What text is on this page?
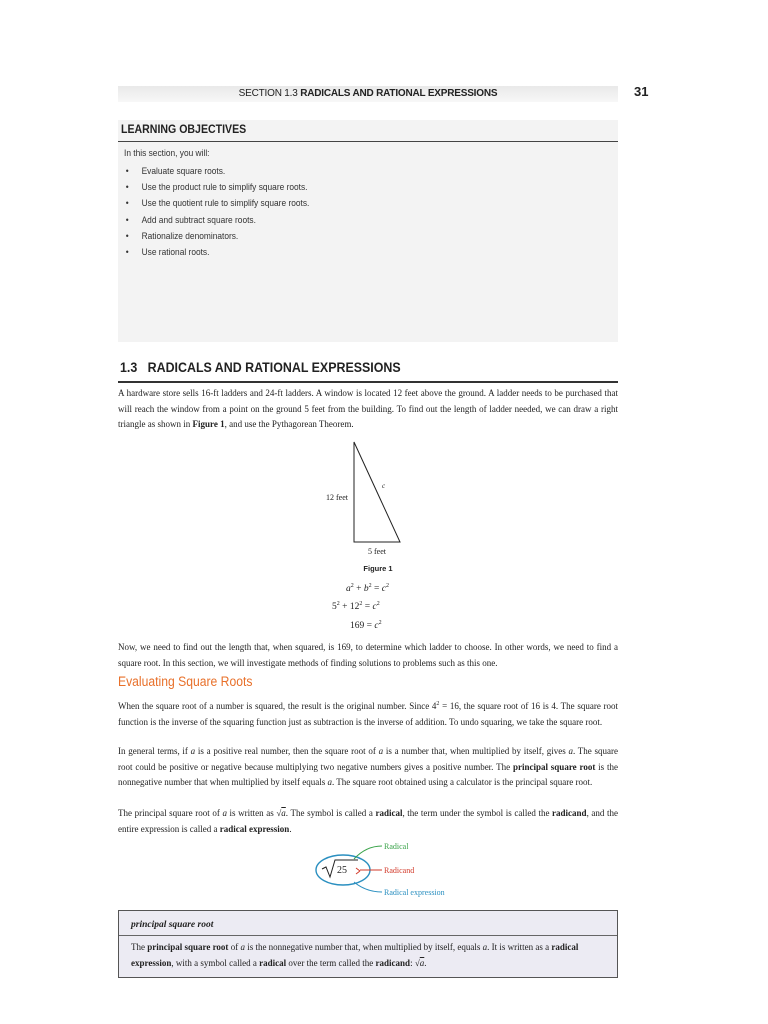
SECTION 1.3 RADICALS AND RATIONAL EXPRESSIONS	31
LEARNING OBJECTIVES
In this section, you will:
• Evaluate square roots.
• Use the product rule to simplify square roots.
• Use the quotient rule to simplify square roots.
• Add and subtract square roots.
• Rationalize denominators.
• Use rational roots.
1.3 RADICALS AND RATIONAL EXPRESSIONS
A hardware store sells 16-ft ladders and 24-ft ladders. A window is located 12 feet above the ground. A ladder needs to be purchased that will reach the window from a point on the ground 5 feet from the building. To find out the length of ladder needed, we can draw a right triangle as shown in Figure 1, and use the Pythagorean Theorem.
12 feet
c
5 feet
Figure 1
$a^2 + b^2 = c^2$
$5^2 + 12^2 = c^2$
$169 = c^2$
Now, we need to find out the length that, when squared, is 169, to determine which ladder to choose. In other words, we need to find a square root. In this section, we will investigate methods of finding solutions to problems such as this one.
Evaluating Square Roots
When the square root of a number is squared, the result is the original number. Since $4^2 = 16$, the square root of 16 is 4. The square root function is the inverse of the squaring function just as subtraction is the inverse of addition. To undo squaring, we take the square root.
In general terms, if a is a positive real number, then the square root of a is a number that, when multiplied by itself, gives a. The square root could be positive or negative because multiplying two negative numbers gives a positive number. The principal square root is the nonnegative number that when multiplied by itself equals a. The square root obtained using a calculator is the principal square root.
The principal square root of a is written as √a. The symbol is called a radical, the term under the symbol is called the radicand, and the entire expression is called a radical expression.
25
Radical
Radicand
Radical expression
principal square root
The principal square root of a is the nonnegative number that, when multiplied by itself, equals a. It is written as a radical expression, with a symbol called a radical over the term called the radicand: √a.
